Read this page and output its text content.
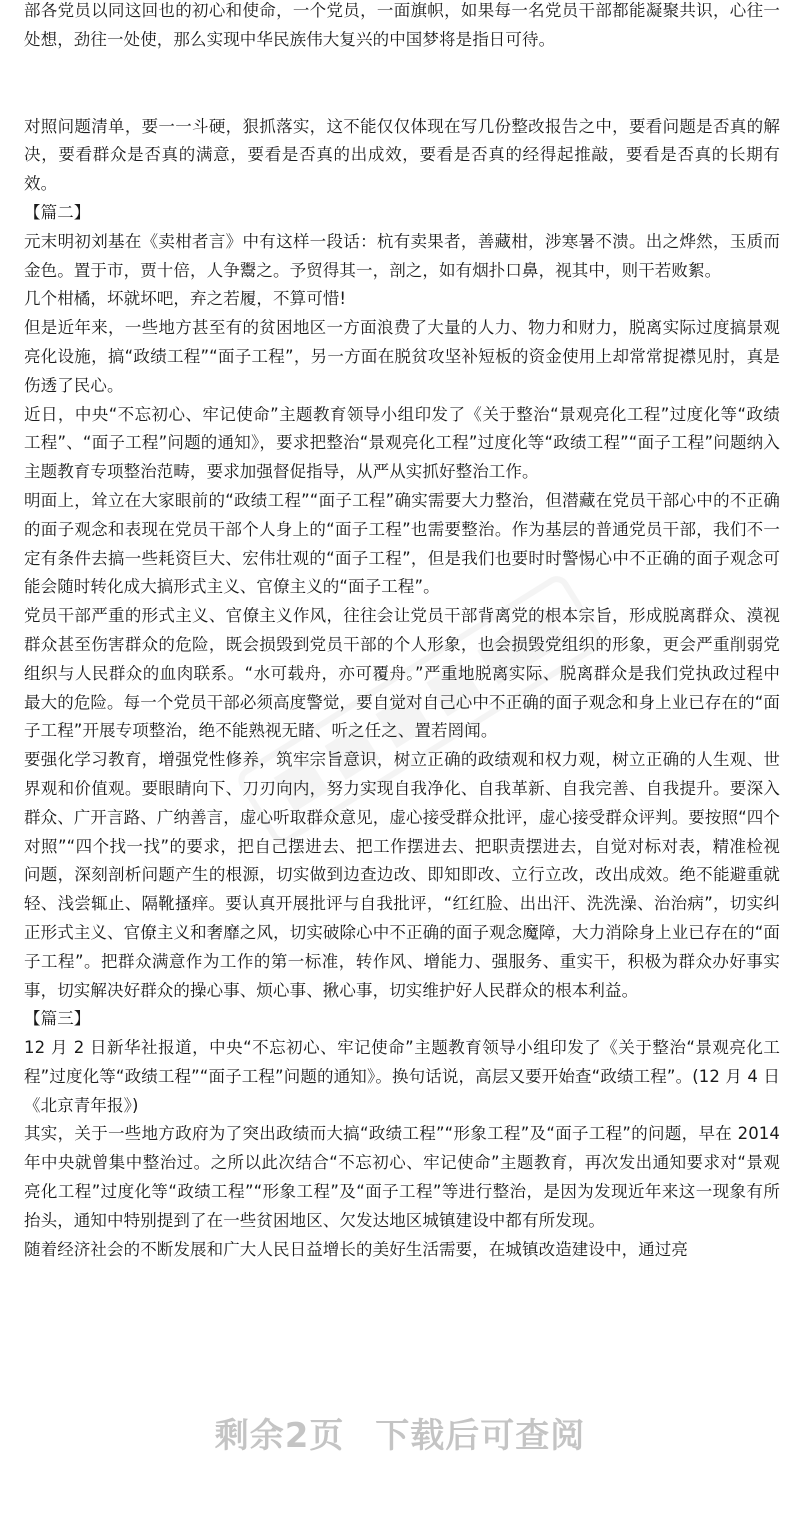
部各党员以同这回也的初心和使命，一个党员，一面旗帜，如果每一名党员干部都能凝聚共识，心往一处想，劲往一处使，那么实现中华民族伟大复兴的中国梦将是指日可待。

对照问题清单，要一一斗硬，狠抓落实，这不能仅仅体现在写几份整改报告之中，要看问题是否真的解决，要看群众是否真的满意，要看是否真的出成效，要看是否真的经得起推敲，要看是否真的长期有效。

【篇二】

元末明初刘基在《卖柑者言》中有这样一段话：杭有卖果者，善藏柑，涉寒暑不溃。出之烨然，玉质而金色。置于市，贾十倍，人争鬻之。予贸得其一，剖之，如有烟扑口鼻，视其中，则干若败絮。

几个柑橘，坏就坏吧，弃之若履，不算可惜!

但是近年来，一些地方甚至有的贫困地区一方面浪费了大量的人力、物力和财力，脱离实际过度搞景观亮化设施，搞“政绩工程”“面子工程”，另一方面在脱贫攻坚补短板的资金使用上却常常捉襟见肘，真是伤透了民心。

近日，中央“不忘初心、牢记使命”主题教育领导小组印发了《关于整治“景观亮化工程”过度化等“政绩工程”、“面子工程”问题的通知》，要求把整治“景观亮化工程”过度化等“政绩工程”“面子工程”问题纳入主题教育专项整治范畴，要求加强督促指导，从严从实抓好整治工作。

明面上，耸立在大家眼前的“政绩工程”“面子工程”确实需要大力整治，但潜藏在党员干部心中的不正确的面子观念和表现在党员干部个人身上的“面子工程”也需要整治。作为基层的普通党员干部，我们不一定有条件去搞一些耗资巨大、宏伟壮观的“面子工程”，但是我们也要时时警惕心中不正确的面子观念可能会随时转化成大搞形式主义、官僚主义的“面子工程”。

党员干部严重的形式主义、官僚主义作风，往往会让党员干部背离党的根本宗旨，形成脱离群众、漠视群众甚至伤害群众的危险，既会损毁到党员干部的个人形象，也会损毁党组织的形象，更会严重削弱党组织与人民群众的血肉联系。“水可载舟，亦可覆舟。”严重地脱离实际、脱离群众是我们党执政过程中最大的危险。每一个党员干部必须高度警觉，要自觉对自己心中不正确的面子观念和身上业已存在的“面子工程”开展专项整治，绝不能熟视无睹、听之任之、置若罔闻。

要强化学习教育，增强党性修养，筑牢宗旨意识，树立正确的政绩观和权力观，树立正确的人生观、世界观和价值观。要眼睛向下、刀刃向内，努力实现自我净化、自我革新、自我完善、自我提升。要深入群众、广开言路、广纳善言，虚心听取群众意见，虚心接受群众批评，虚心接受群众评判。要按照“四个对照”“四个找一找”的要求，把自己摆进去、把工作摆进去、把职责摆进去，自觉对标对表，精准检视问题，深刻剖析问题产生的根源，切实做到边查边改、即知即改、立行立改，改出成效。绝不能避重就轻、浅尝辄止、隔靴搔痒。要认真开展批评与自我批评，“红红脸、出出汗、洗洗澡、治治病”，切实纠正形式主义、官僚主义和奢靡之风，切实破除心中不正确的面子观念魔障，大力消除身上业已存在的“面子工程”。把群众满意作为工作的第一标准，转作风、增能力、强服务、重实干，积极为群众办好事实事，切实解决好群众的操心事、烦心事、揪心事，切实维护好人民群众的根本利益。

【篇三】

12 月 2 日新华社报道，中央“不忘初心、牢记使命”主题教育领导小组印发了《关于整治“景观亮化工程”过度化等“政绩工程”“面子工程”问题的通知》。换句话说，高层又要开始查“政绩工程”。(12 月 4 日《北京青年报》)

其实，关于一些地方政府为了突出政绩而大搞“政绩工程”“形象工程”及“面子工程”的问题，早在 2014 年中央就曾集中整治过。之所以此次结合“不忘初心、牢记使命”主题教育，再次发出通知要求对“景观亮化工程”过度化等“政绩工程”“形象工程”及“面子工程”等进行整治，是因为发现近年来这一现象有所抬头，通知中特别提到了在一些贫困地区、欠发达地区城镇建设中都有所发现。

随着经济社会的不断发展和广大人民日益增长的美好生活需要，在城镇改造建设中，通过亮

剩余2页 下载后可查阅
